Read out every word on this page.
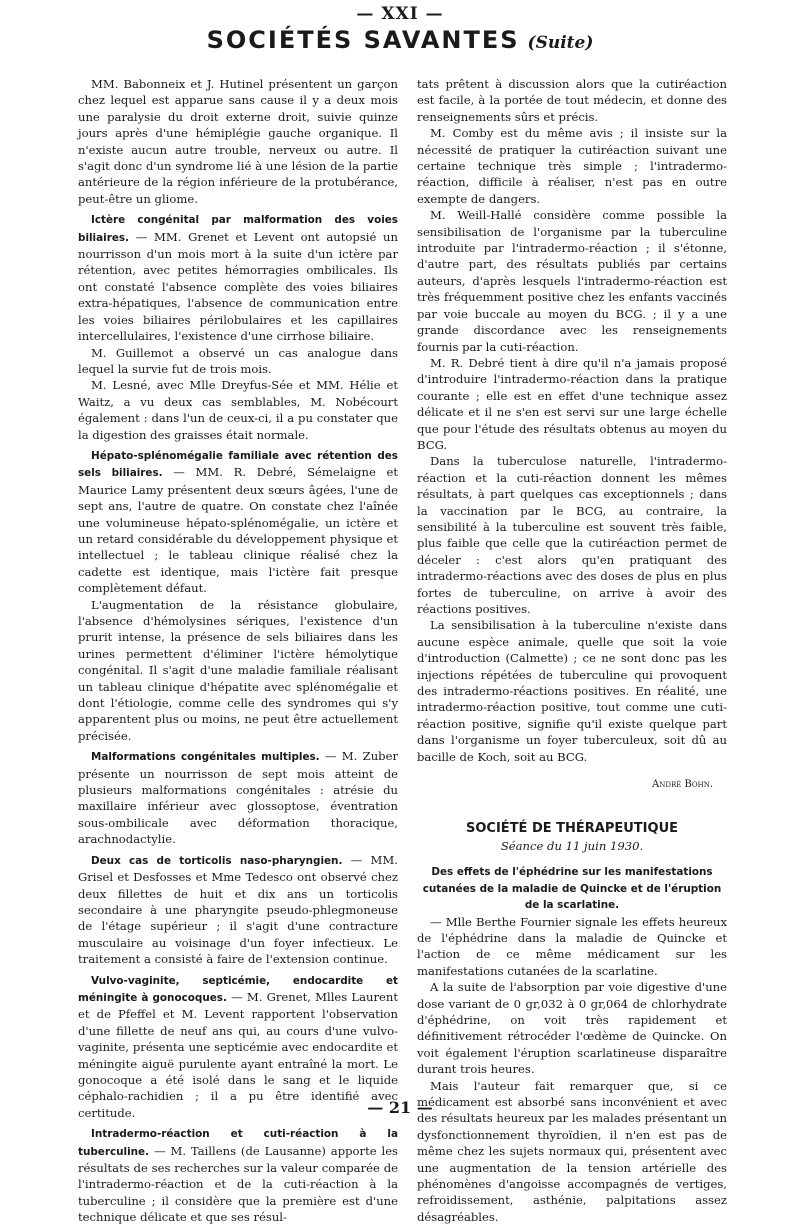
— XXI —
SOCIÉTÉS SAVANTES (Suite)

MM. Babonneix et J. Hutinel présentent un garçon chez lequel est apparue sans cause il y a deux mois une paralysie du droit externe droit, suivie quinze jours après d'une hémiplégie gauche organique. Il n'existe aucun autre trouble, nerveux ou autre. Il s'agit donc d'un syndrome lié à une lésion de la partie antérieure de la région inférieure de la protubérance, peut-être un gliome.

Ictère congénital par malformation des voies biliaires. — MM. Grenet et Levent ont autopsié un nourrisson d'un mois mort à la suite d'un ictère par rétention, avec petites hémorragies ombilicales. Ils ont constaté l'absence complète des voies biliaires extra-hépatiques, l'absence de communication entre les voies biliaires périlobulaires et les capillaires intercellulaires, l'existence d'une cirrhose biliaire.

M. Guillemot a observé un cas analogue dans lequel la survie fut de trois mois.

M. Lesné, avec Mlle Dreyfus-Sée et MM. Hélie et Waitz, a vu deux cas semblables, M. Nobécourt également : dans l'un de ceux-ci, il a pu constater que la digestion des graisses était normale.

Hépato-splénomégalie familiale avec rétention des sels biliaires. — MM. R. Debré, Sémelaigne et Maurice Lamy présentent deux sœurs âgées, l'une de sept ans, l'autre de quatre. On constate chez l'aînée une volumineuse hépato-splénomégalie, un ictère et un retard considérable du développement physique et intellectuel ; le tableau clinique réalisé chez la cadette est identique, mais l'ictère fait presque complètement défaut.

L'augmentation de la résistance globulaire, l'absence d'hémolysines sériques, l'existence d'un prurit intense, la présence de sels biliaires dans les urines permettent d'éliminer l'ictère hémolytique congénital. Il s'agit d'une maladie familiale réalisant un tableau clinique d'hépatite avec splénomégalie et dont l'étiologie, comme celle des syndromes qui s'y apparentent plus ou moins, ne peut être actuellement précisée.

Malformations congénitales multiples. — M. Zuber présente un nourrisson de sept mois atteint de plusieurs malformations congénitales : atrésie du maxillaire inférieur avec glossoptose, éventration sous-ombilicale avec déformation thoracique, arachnodactylie.

Deux cas de torticolis naso-pharyngien. — MM. Grisel et Desfosses et Mme Tedesco ont observé chez deux fillettes de huit et dix ans un torticolis secondaire à une pharyngite pseudo-phlegmoneuse de l'étage supérieur ; il s'agit d'une contracture musculaire au voisinage d'un foyer infectieux. Le traitement a consisté à faire de l'extension continue.

Vulvo-vaginite, septicémie, endocardite et méningite à gonocoques. — M. Grenet, Mlles Laurent et de Pfeffel et M. Levent rapportent l'observation d'une fillette de neuf ans qui, au cours d'une vulvo-vaginite, présenta une septicémie avec endocardite et méningite aiguë purulente ayant entraîné la mort. Le gonocoque a été isolé dans le sang et le liquide céphalo-rachidien ; il a pu être identifié avec certitude.

Intradermo-réaction et cuti-réaction à la tuberculine. — M. Taillens (de Lausanne) apporte les résultats de ses recherches sur la valeur comparée de l'intradermo-réaction et de la cuti-réaction à la tuberculine ; il considère que la première est d'une technique délicate et que ses résul-

tats prêtent à discussion alors que la cutiréaction est facile, à la portée de tout médecin, et donne des renseignements sûrs et précis.

M. Comby est du même avis ; il insiste sur la nécessité de pratiquer la cutiréaction suivant une certaine technique très simple ; l'intradermo-réaction, difficile à réaliser, n'est pas en outre exempte de dangers.

M. Weill-Hallé considère comme possible la sensibilisation de l'organisme par la tuberculine introduite par l'intradermo-réaction ; il s'étonne, d'autre part, des résultats publiés par certains auteurs, d'après lesquels l'intradermo-réaction est très fréquemment positive chez les enfants vaccinés par voie buccale au moyen du BCG. ; il y a une grande discordance avec les renseignements fournis par la cuti-réaction.

M. R. Debré tient à dire qu'il n'a jamais proposé d'introduire l'intradermo-réaction dans la pratique courante ; elle est en effet d'une technique assez délicate et il ne s'en est servi sur une large échelle que pour l'étude des résultats obtenus au moyen du BCG.

Dans la tuberculose naturelle, l'intradermo-réaction et la cuti-réaction donnent les mêmes résultats, à part quelques cas exceptionnels ; dans la vaccination par le BCG, au contraire, la sensibilité à la tuberculine est souvent très faible, plus faible que celle que la cutiréaction permet de déceler : c'est alors qu'en pratiquant des intradermo-réactions avec des doses de plus en plus fortes de tuberculine, on arrive à avoir des réactions positives.

La sensibilisation à la tuberculine n'existe dans aucune espèce animale, quelle que soit la voie d'introduction (Calmette) ; ce ne sont donc pas les injections répétées de tuberculine qui provoquent des intradermo-réactions positives. En réalité, une intradermo-réaction positive, tout comme une cuti-réaction positive, signifie qu'il existe quelque part dans l'organisme un foyer tuberculeux, soit dû au bacille de Koch, soit au BCG.

André Bohn.

SOCIÉTÉ DE THÉRAPEUTIQUE

Séance du 11 juin 1930.

Des effets de l'éphédrine sur les manifestations cutanées de la maladie de Quincke et de l'éruption de la scarlatine.

— Mlle Berthe Fournier signale les effets heureux de l'éphédrine dans la maladie de Quincke et l'action de ce même médicament sur les manifestations cutanées de la scarlatine.

A la suite de l'absorption par voie digestive d'une dose variant de 0 gr,032 à 0 gr,064 de chlorhydrate d'éphédrine, on voit très rapidement et définitivement rétrocéder l'œdème de Quincke. On voit également l'éruption scarlatineuse disparaître durant trois heures.

Mais l'auteur fait remarquer que, si ce médicament est absorbé sans inconvénient et avec des résultats heureux par les malades présentant un dysfonctionnement thyroïdien, il n'en est pas de même chez les sujets normaux qui, présentent avec une augmentation de la tension artérielle des phénomènes d'angoisse accompagnés de vertiges, refroidissement, asthénie, palpitations assez désagréables.

— 21 —
